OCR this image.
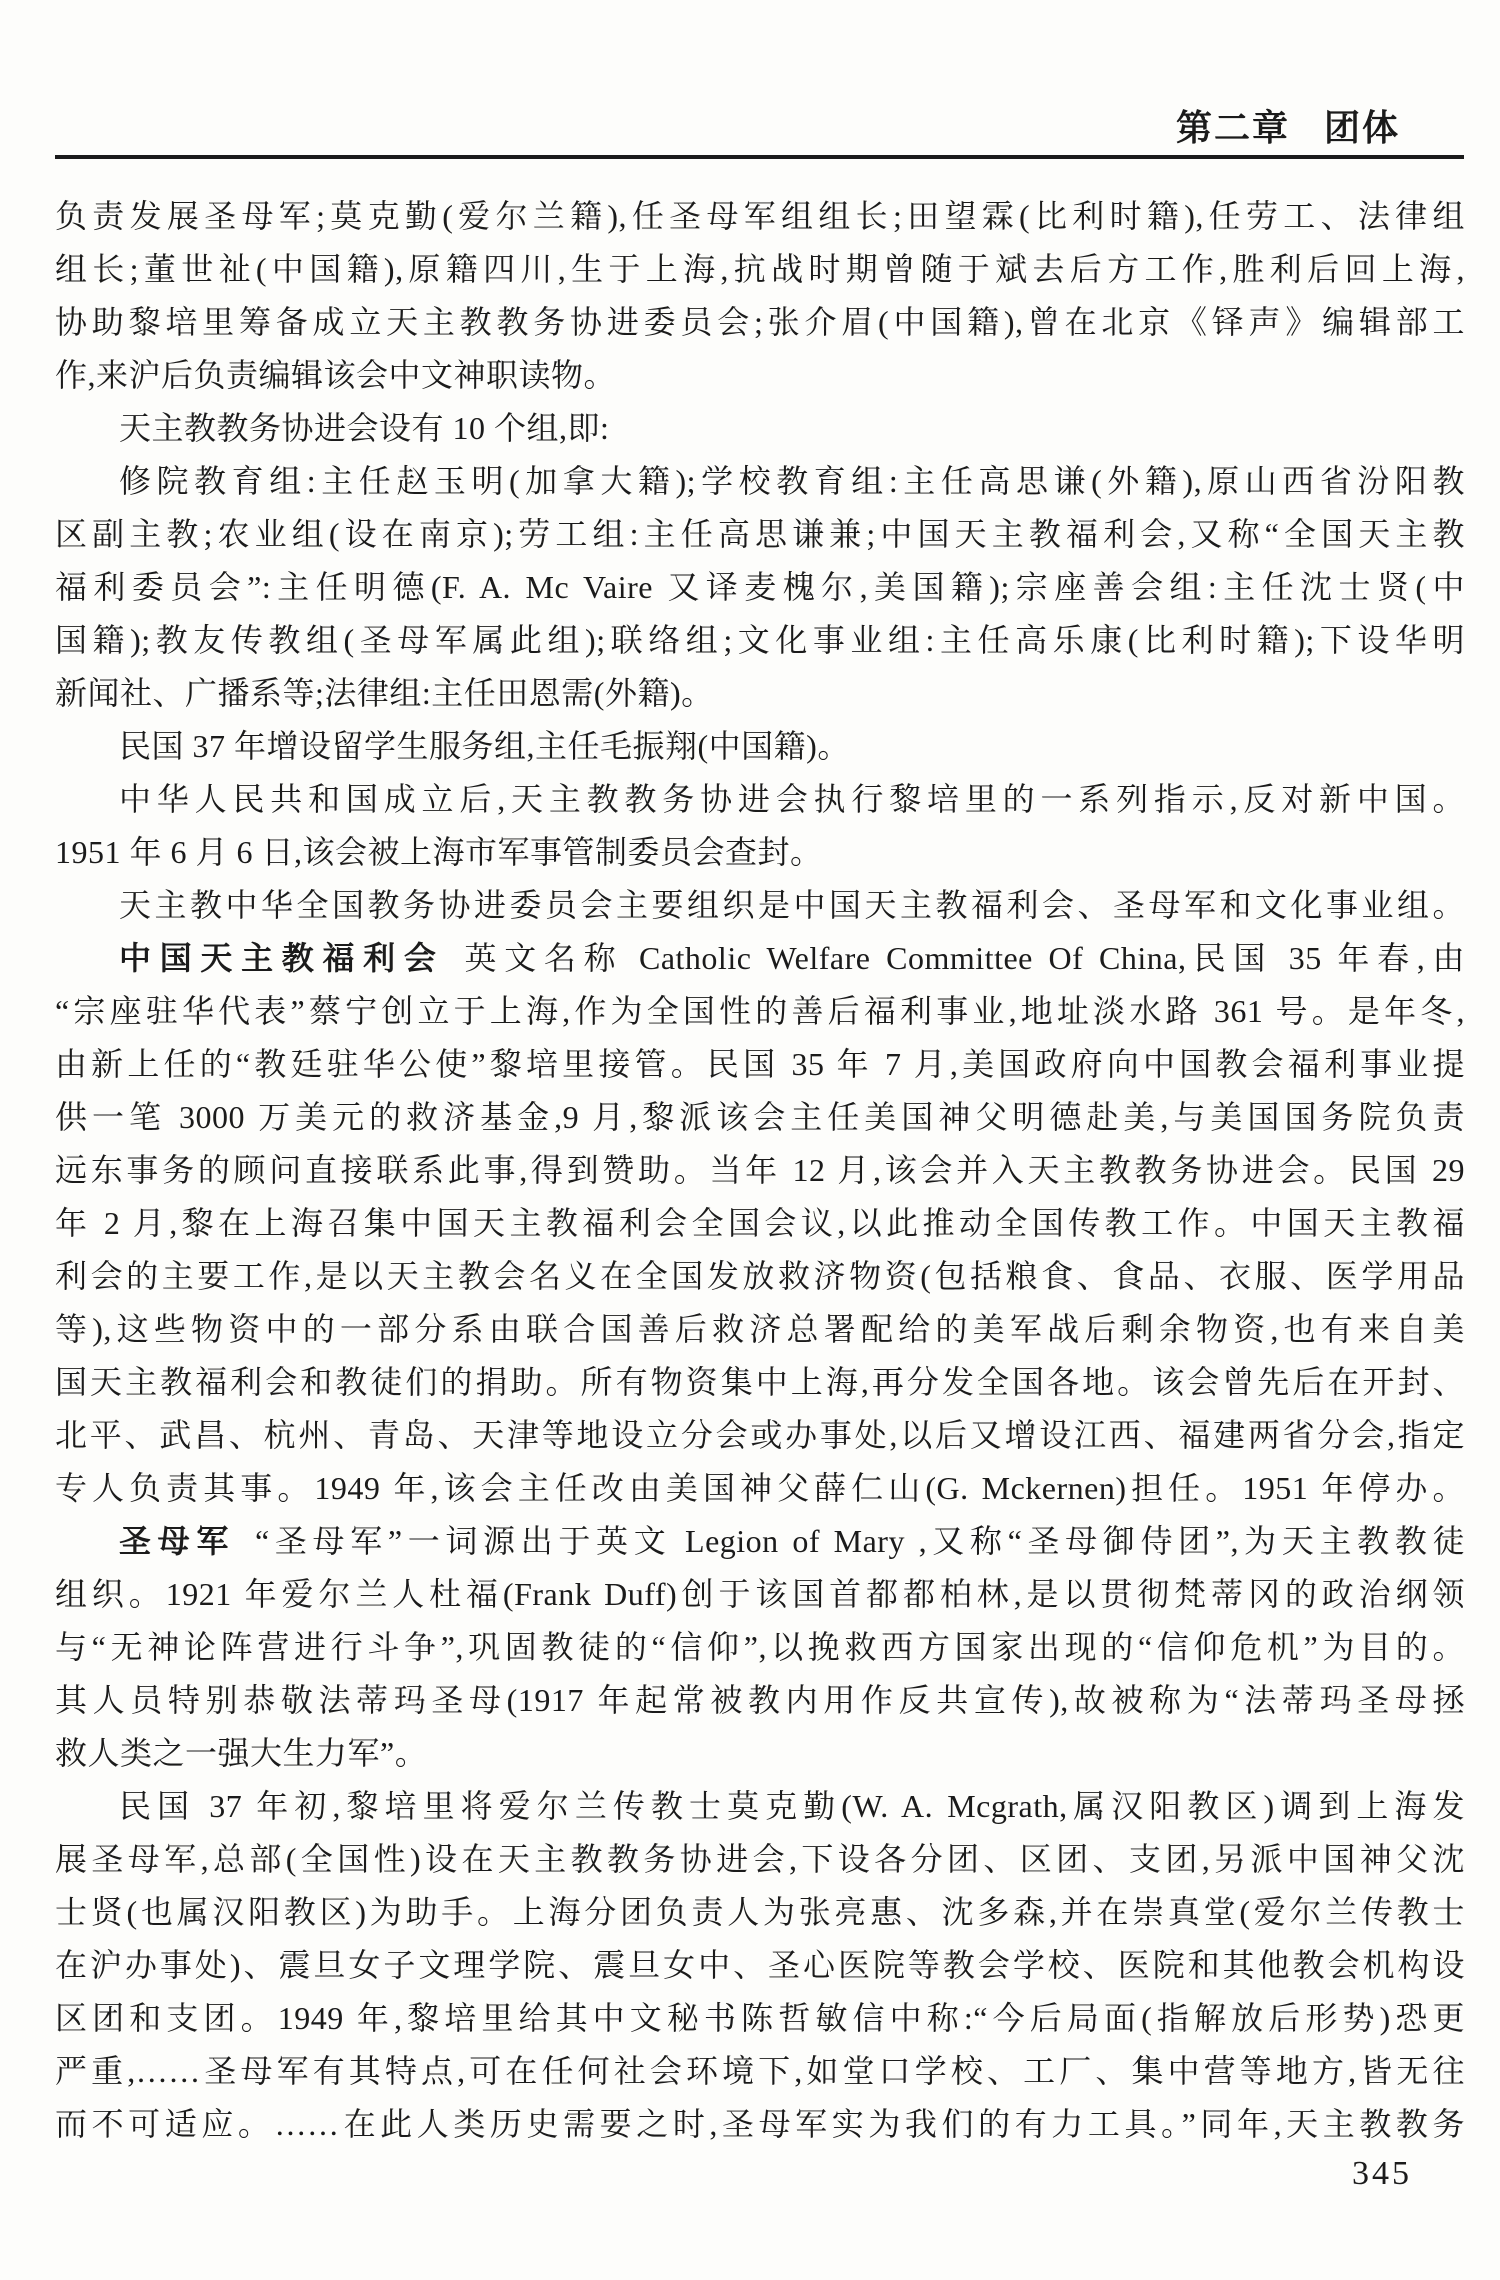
第二章 团体
负责发展圣母军;莫克勤(爱尔兰籍),任圣母军组组长;田望霖(比利时籍),任劳工、法律组
组长;董世祉(中国籍),原籍四川,生于上海,抗战时期曾随于斌去后方工作,胜利后回上海,
协助黎培里筹备成立天主教教务协进委员会;张介眉(中国籍),曾在北京《铎声》编辑部工
作,来沪后负责编辑该会中文神职读物。
天主教教务协进会设有 10 个组,即:
修院教育组:主任赵玉明(加拿大籍);学校教育组:主任高思谦(外籍),原山西省汾阳教
区副主教;农业组(设在南京);劳工组:主任高思谦兼;中国天主教福利会,又称“全国天主教
福利委员会”:主任明德(F. A. Mc Vaire 又译麦槐尔,美国籍);宗座善会组:主任沈士贤(中
国籍);教友传教组(圣母军属此组);联络组;文化事业组:主任高乐康(比利时籍);下设华明
新闻社、广播系等;法律组:主任田恩需(外籍)。
民国 37 年增设留学生服务组,主任毛振翔(中国籍)。
中华人民共和国成立后,天主教教务协进会执行黎培里的一系列指示,反对新中国。
1951 年 6 月 6 日,该会被上海市军事管制委员会查封。
天主教中华全国教务协进委员会主要组织是中国天主教福利会、圣母军和文化事业组。
中国天主教福利会 英文名称 Catholic Welfare Committee Of China,民国 35 年春,由
“宗座驻华代表”蔡宁创立于上海,作为全国性的善后福利事业,地址淡水路 361 号。是年冬,
由新上任的“教廷驻华公使”黎培里接管。民国 35 年 7 月,美国政府向中国教会福利事业提
供一笔 3000 万美元的救济基金,9 月,黎派该会主任美国神父明德赴美,与美国国务院负责
远东事务的顾问直接联系此事,得到赞助。当年 12 月,该会并入天主教教务协进会。民国 29
年 2 月,黎在上海召集中国天主教福利会全国会议,以此推动全国传教工作。中国天主教福
利会的主要工作,是以天主教会名义在全国发放救济物资(包括粮食、食品、衣服、医学用品
等),这些物资中的一部分系由联合国善后救济总署配给的美军战后剩余物资,也有来自美
国天主教福利会和教徒们的捐助。所有物资集中上海,再分发全国各地。该会曾先后在开封、
北平、武昌、杭州、青岛、天津等地设立分会或办事处,以后又增设江西、福建两省分会,指定
专人负责其事。1949 年,该会主任改由美国神父薛仁山(G. Mckernen)担任。1951 年停办。
圣母军 “圣母军”一词源出于英文 Legion of Mary ,又称“圣母御侍团”,为天主教教徒
组织。1921 年爱尔兰人杜福(Frank Duff)创于该国首都都柏林,是以贯彻梵蒂冈的政治纲领
与“无神论阵营进行斗争”,巩固教徒的“信仰”,以挽救西方国家出现的“信仰危机”为目的。
其人员特别恭敬法蒂玛圣母(1917 年起常被教内用作反共宣传),故被称为“法蒂玛圣母拯
救人类之一强大生力军”。
民国 37 年初,黎培里将爱尔兰传教士莫克勤(W. A. Mcgrath,属汉阳教区)调到上海发
展圣母军,总部(全国性)设在天主教教务协进会,下设各分团、区团、支团,另派中国神父沈
士贤(也属汉阳教区)为助手。上海分团负责人为张亮惠、沈多森,并在崇真堂(爱尔兰传教士
在沪办事处)、震旦女子文理学院、震旦女中、圣心医院等教会学校、医院和其他教会机构设
区团和支团。1949 年,黎培里给其中文秘书陈哲敏信中称:“今后局面(指解放后形势)恐更
严重,……圣母军有其特点,可在任何社会环境下,如堂口学校、工厂、集中营等地方,皆无往
而不可适应。……在此人类历史需要之时,圣母军实为我们的有力工具。”同年,天主教教务
345
